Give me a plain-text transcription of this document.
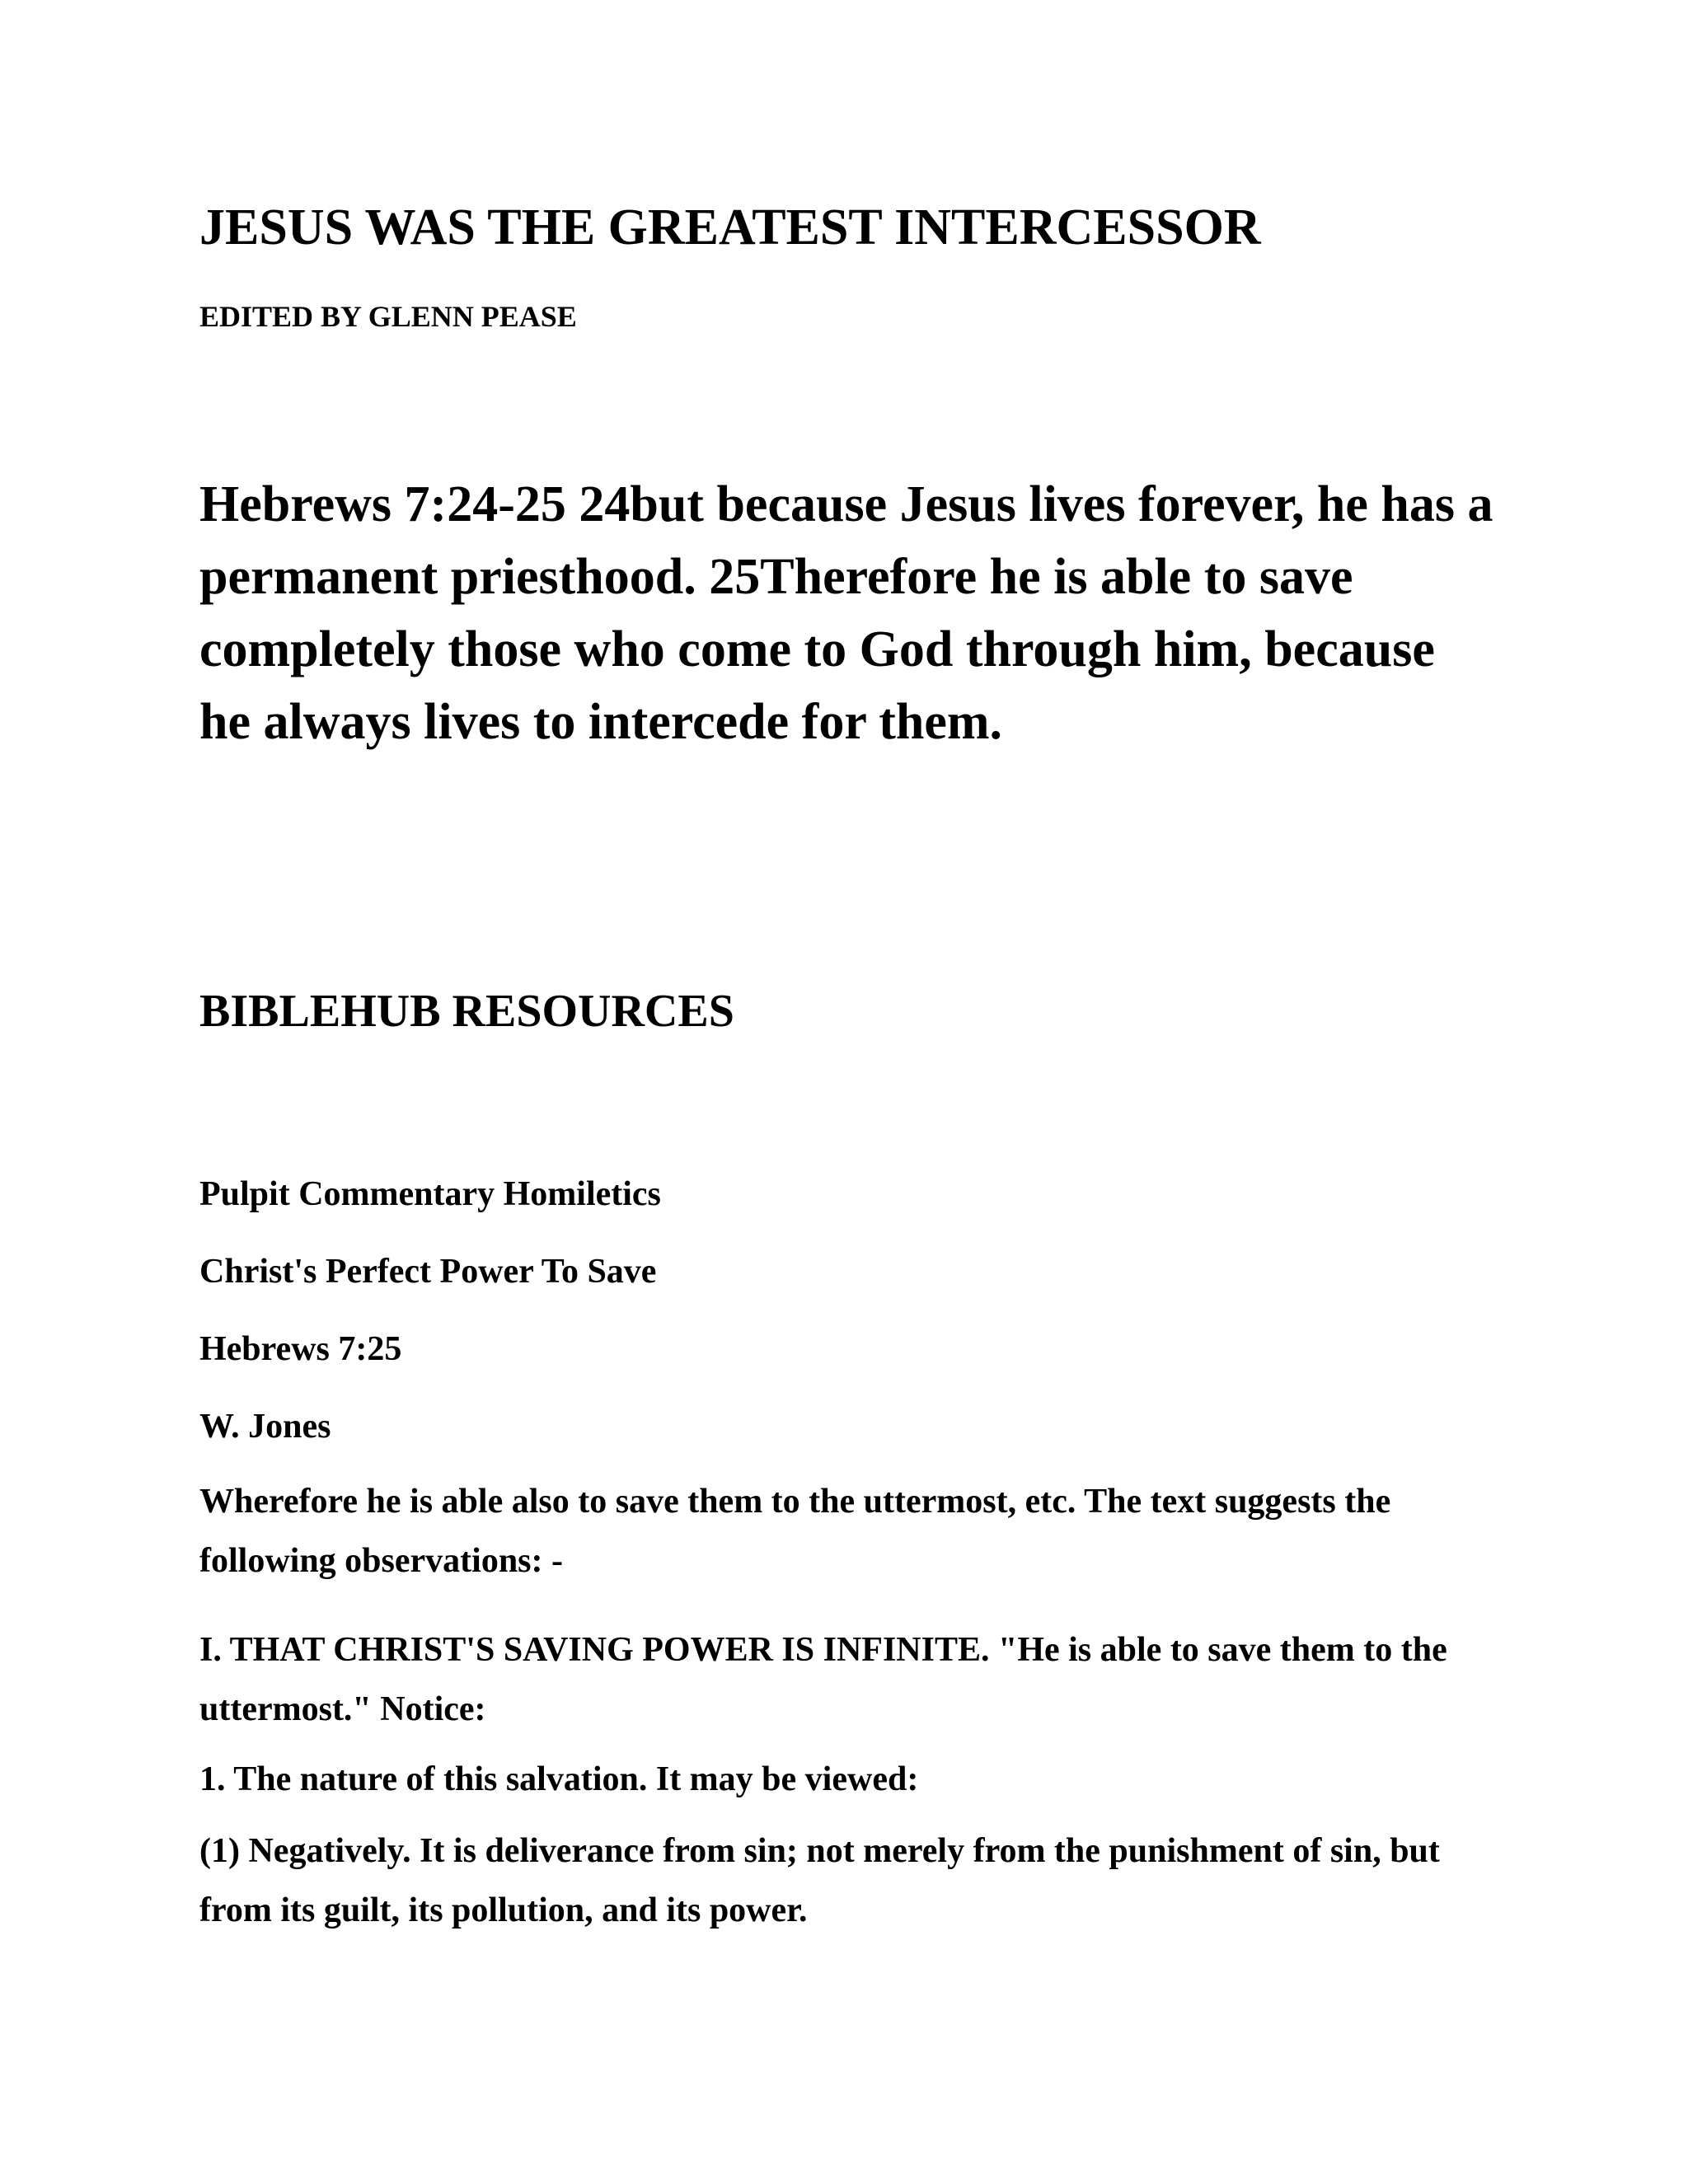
JESUS WAS THE GREATEST INTERCESSOR
EDITED BY GLENN PEASE

Hebrews 7:24-25 24but because Jesus lives forever, he has a permanent priesthood. 25Therefore he is able to save completely those who come to God through him, because he always lives to intercede for them.

BIBLEHUB RESOURCES
Pulpit Commentary Homiletics
Christ's Perfect Power To Save
Hebrews 7:25
W. Jones

Wherefore he is able also to save them to the uttermost, etc. The text suggests the following observations: -

I. THAT CHRIST'S SAVING POWER IS INFINITE. "He is able to save them to the uttermost." Notice:

1. The nature of this salvation. It may be viewed:

(1) Negatively. It is deliverance from sin; not merely from the punishment of sin, but from its guilt, its pollution, and its power.
